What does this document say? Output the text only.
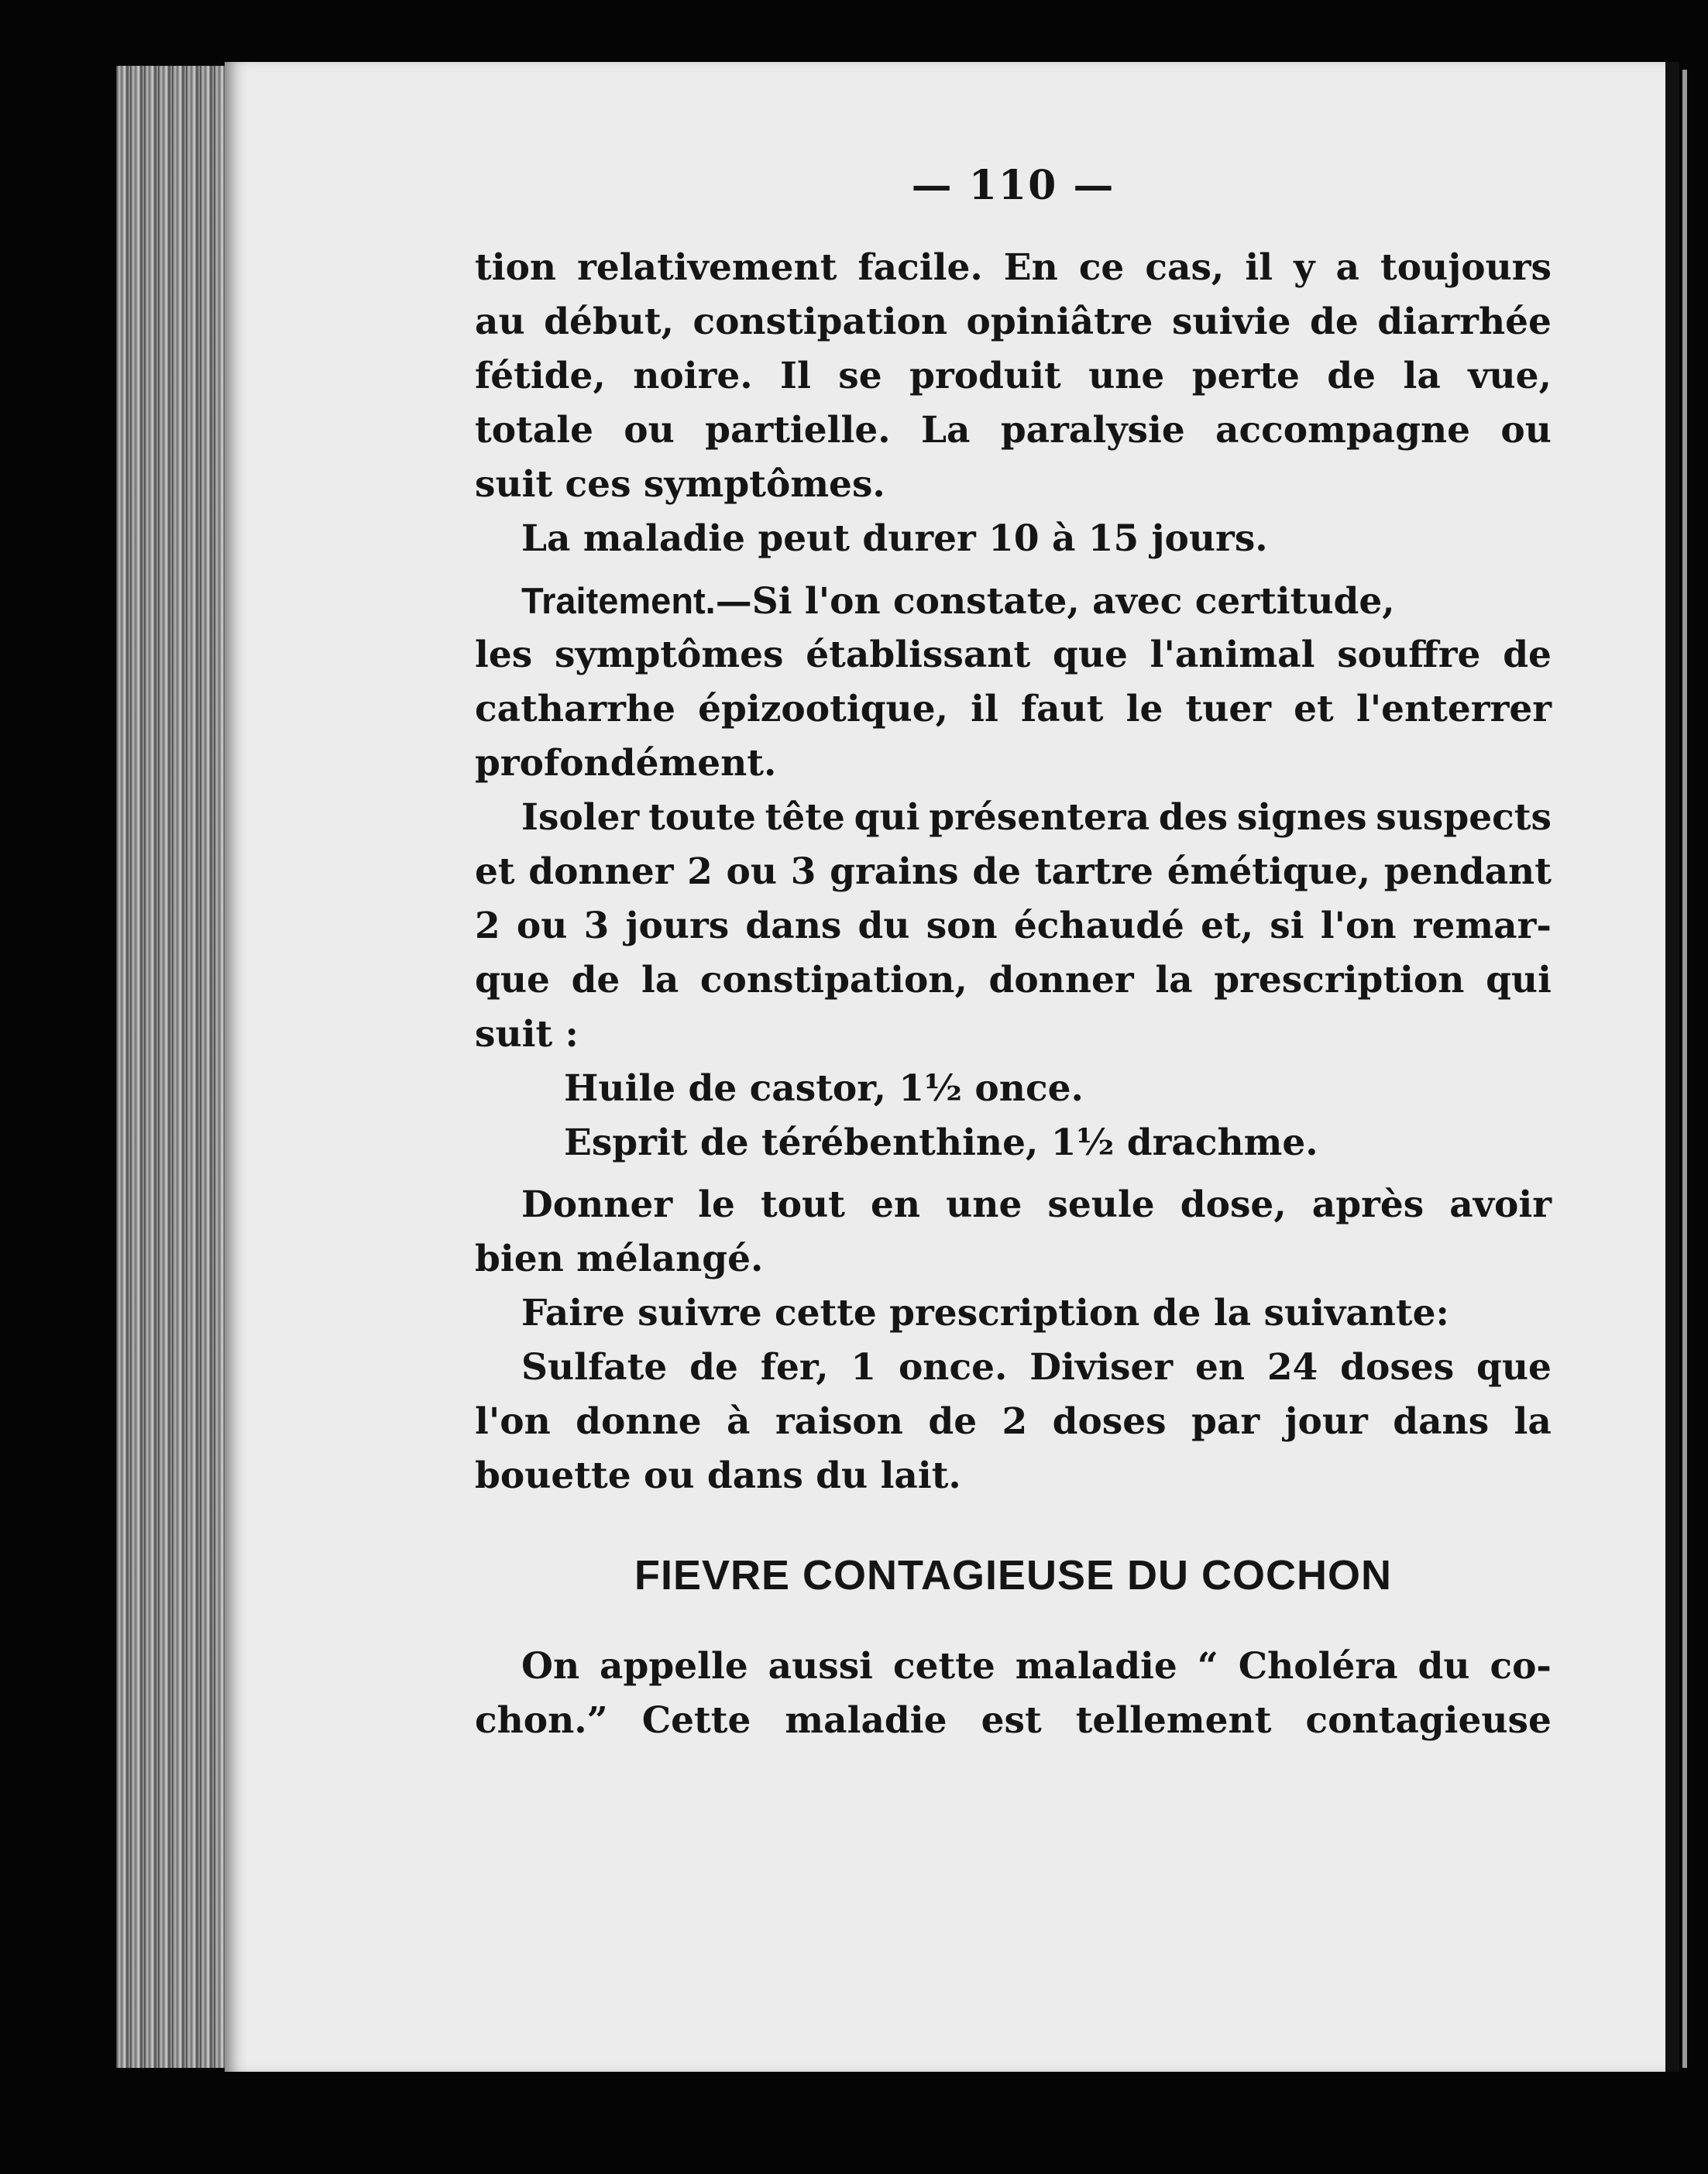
— 110 —
tion relativement facile. En ce cas, il y a toujours
au début, constipation opiniâtre suivie de diarrhée
fétide, noire. Il se produit une perte de la vue,
totale ou partielle. La paralysie accompagne ou
suit ces symptômes.
La maladie peut durer 10 à 15 jours.
Traitement.—Si l'on constate, avec certitude,
les symptômes établissant que l'animal souffre de
catharrhe épizootique, il faut le tuer et l'enterrer
profondément.
Isoler toute tête qui présentera des signes suspects
et donner 2 ou 3 grains de tartre émétique, pendant
2 ou 3 jours dans du son échaudé et, si l'on remar-
que de la constipation, donner la prescription qui
suit :
Huile de castor, 1½ once.
Esprit de térébenthine, 1½ drachme.
Donner le tout en une seule dose, après avoir
bien mélangé.
Faire suivre cette prescription de la suivante:
Sulfate de fer, 1 once. Diviser en 24 doses que
l'on donne à raison de 2 doses par jour dans la
bouette ou dans du lait.
FIEVRE CONTAGIEUSE DU COCHON
On appelle aussi cette maladie “ Choléra du co-
chon.” Cette maladie est tellement contagieuse
